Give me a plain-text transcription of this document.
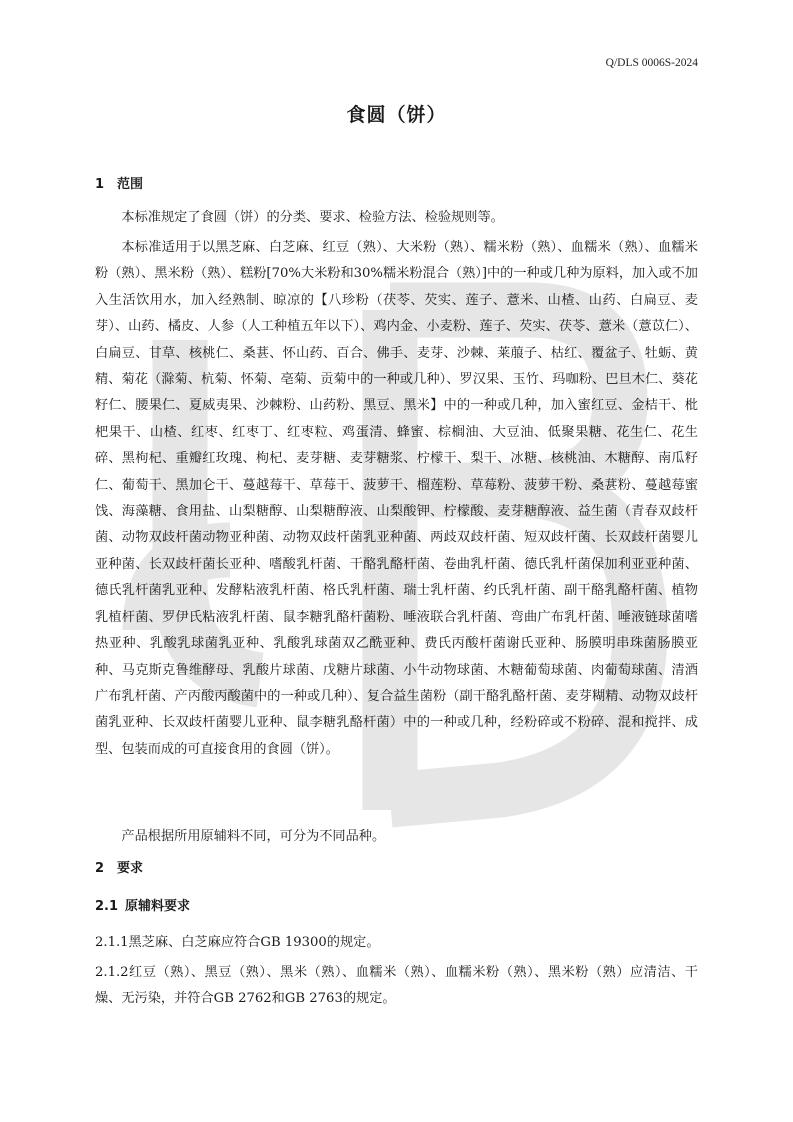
Q/DLS 0006S-2024
食圆（饼）
1 范围

本标准规定了食圆（饼）的分类、要求、检验方法、检验规则等。

本标准适用于以黑芝麻、白芝麻、红豆（熟）、大米粉（熟）、糯米粉（熟）、血糯米（熟）、血糯米粉（熟）、黑米粉（熟）、糕粉[70%大米粉和30%糯米粉混合（熟）]中的一种或几种为原料，加入或不加入生活饮用水，加入经熟制、晾凉的【八珍粉（茯苓、芡实、莲子、薏米、山楂、山药、白扁豆、麦芽）、山药、橘皮、人参（人工种植五年以下）、鸡内金、小麦粉、莲子、芡实、茯苓、薏米（薏苡仁）、白扁豆、甘草、核桃仁、桑葚、怀山药、百合、佛手、麦芽、沙棘、莱菔子、枯红、覆盆子、牡蛎、黄精、菊花（滁菊、杭菊、怀菊、亳菊、贡菊中的一种或几种）、罗汉果、玉竹、玛咖粉、巴旦木仁、葵花籽仁、腰果仁、夏威夷果、沙棘粉、山药粉、黑豆、黑米】中的一种或几种，加入蜜红豆、金桔干、枇杷果干、山楂、红枣、红枣丁、红枣粒、鸡蛋清、蜂蜜、棕榈油、大豆油、低聚果糖、花生仁、花生碎、黑枸杞、重瓣红玫瑰、枸杞、麦芽糖、麦芽糖浆、柠檬干、梨干、冰糖、核桃油、木糖醇、南瓜籽仁、葡萄干、黑加仑干、蔓越莓干、草莓干、菠萝干、榴莲粉、草莓粉、菠萝干粉、桑葚粉、蔓越莓蜜饯、海藻糖、食用盐、山梨糖醇、山梨糖醇液、山梨酸钾、柠檬酸、麦芽糖醇液、益生菌（青春双歧杆菌、动物双歧杆菌动物亚种菌、动物双歧杆菌乳亚种菌、两歧双歧杆菌、短双歧杆菌、长双歧杆菌婴儿亚种菌、长双歧杆菌长亚种、嗜酸乳杆菌、干酪乳酪杆菌、卷曲乳杆菌、德氏乳杆菌保加利亚亚种菌、德氏乳杆菌乳亚种、发酵粘液乳杆菌、格氏乳杆菌、瑞士乳杆菌、约氏乳杆菌、副干酪乳酪杆菌、植物乳植杆菌、罗伊氏粘液乳杆菌、鼠李糖乳酪杆菌粉、唾液联合乳杆菌、弯曲广布乳杆菌、唾液链球菌嗜热亚种、乳酸乳球菌乳亚种、乳酸乳球菌双乙酰亚种、费氏丙酸杆菌谢氏亚种、肠膜明串珠菌肠膜亚种、马克斯克鲁维酵母、乳酸片球菌、戊糖片球菌、小牛动物球菌、木糖葡萄球菌、肉葡萄球菌、清酒广布乳杆菌、产丙酸丙酸菌中的一种或几种）、复合益生菌粉（副干酪乳酪杆菌、麦芽糊精、动物双歧杆菌乳亚种、长双歧杆菌婴儿亚种、鼠李糖乳酪杆菌）中的一种或几种，经粉碎或不粉碎、混和搅拌、成型、包装而成的可直接食用的食圆（饼）。

产品根据所用原辅料不同，可分为不同品种。

2 要求
2.1 原辅料要求

2.1.1黑芝麻、白芝麻应符合GB 19300的规定。

2.1.2红豆（熟）、黑豆（熟）、黑米（熟）、血糯米（熟）、血糯米粉（熟）、黑米粉（熟）应清洁、干燥、无污染，并符合GB 2762和GB 2763的规定。
